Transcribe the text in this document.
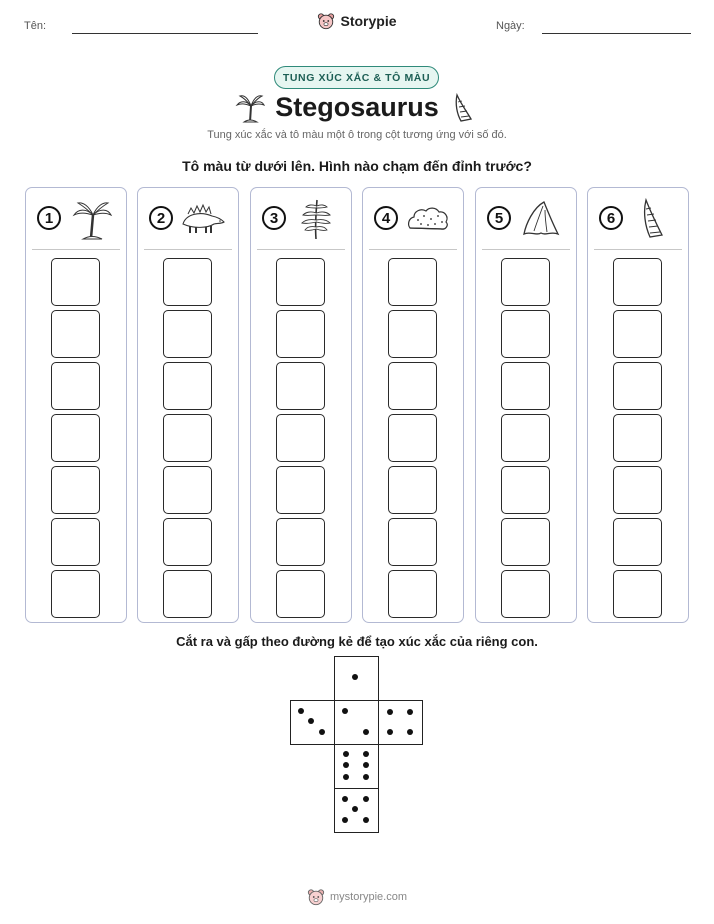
Tên:	Ngày:
Storypie
TUNG XÚC XẮC & TÔ MÀU
Stegosaurus
Tung xúc xắc và tô màu một ô trong cột tương ứng với số đó.
Tô màu từ dưới lên. Hình nào chạm đến đỉnh trước?
1	2	3	4	5	6
Cắt ra và gấp theo đường kẻ để tạo xúc xắc của riêng con.
mystorypie.com
